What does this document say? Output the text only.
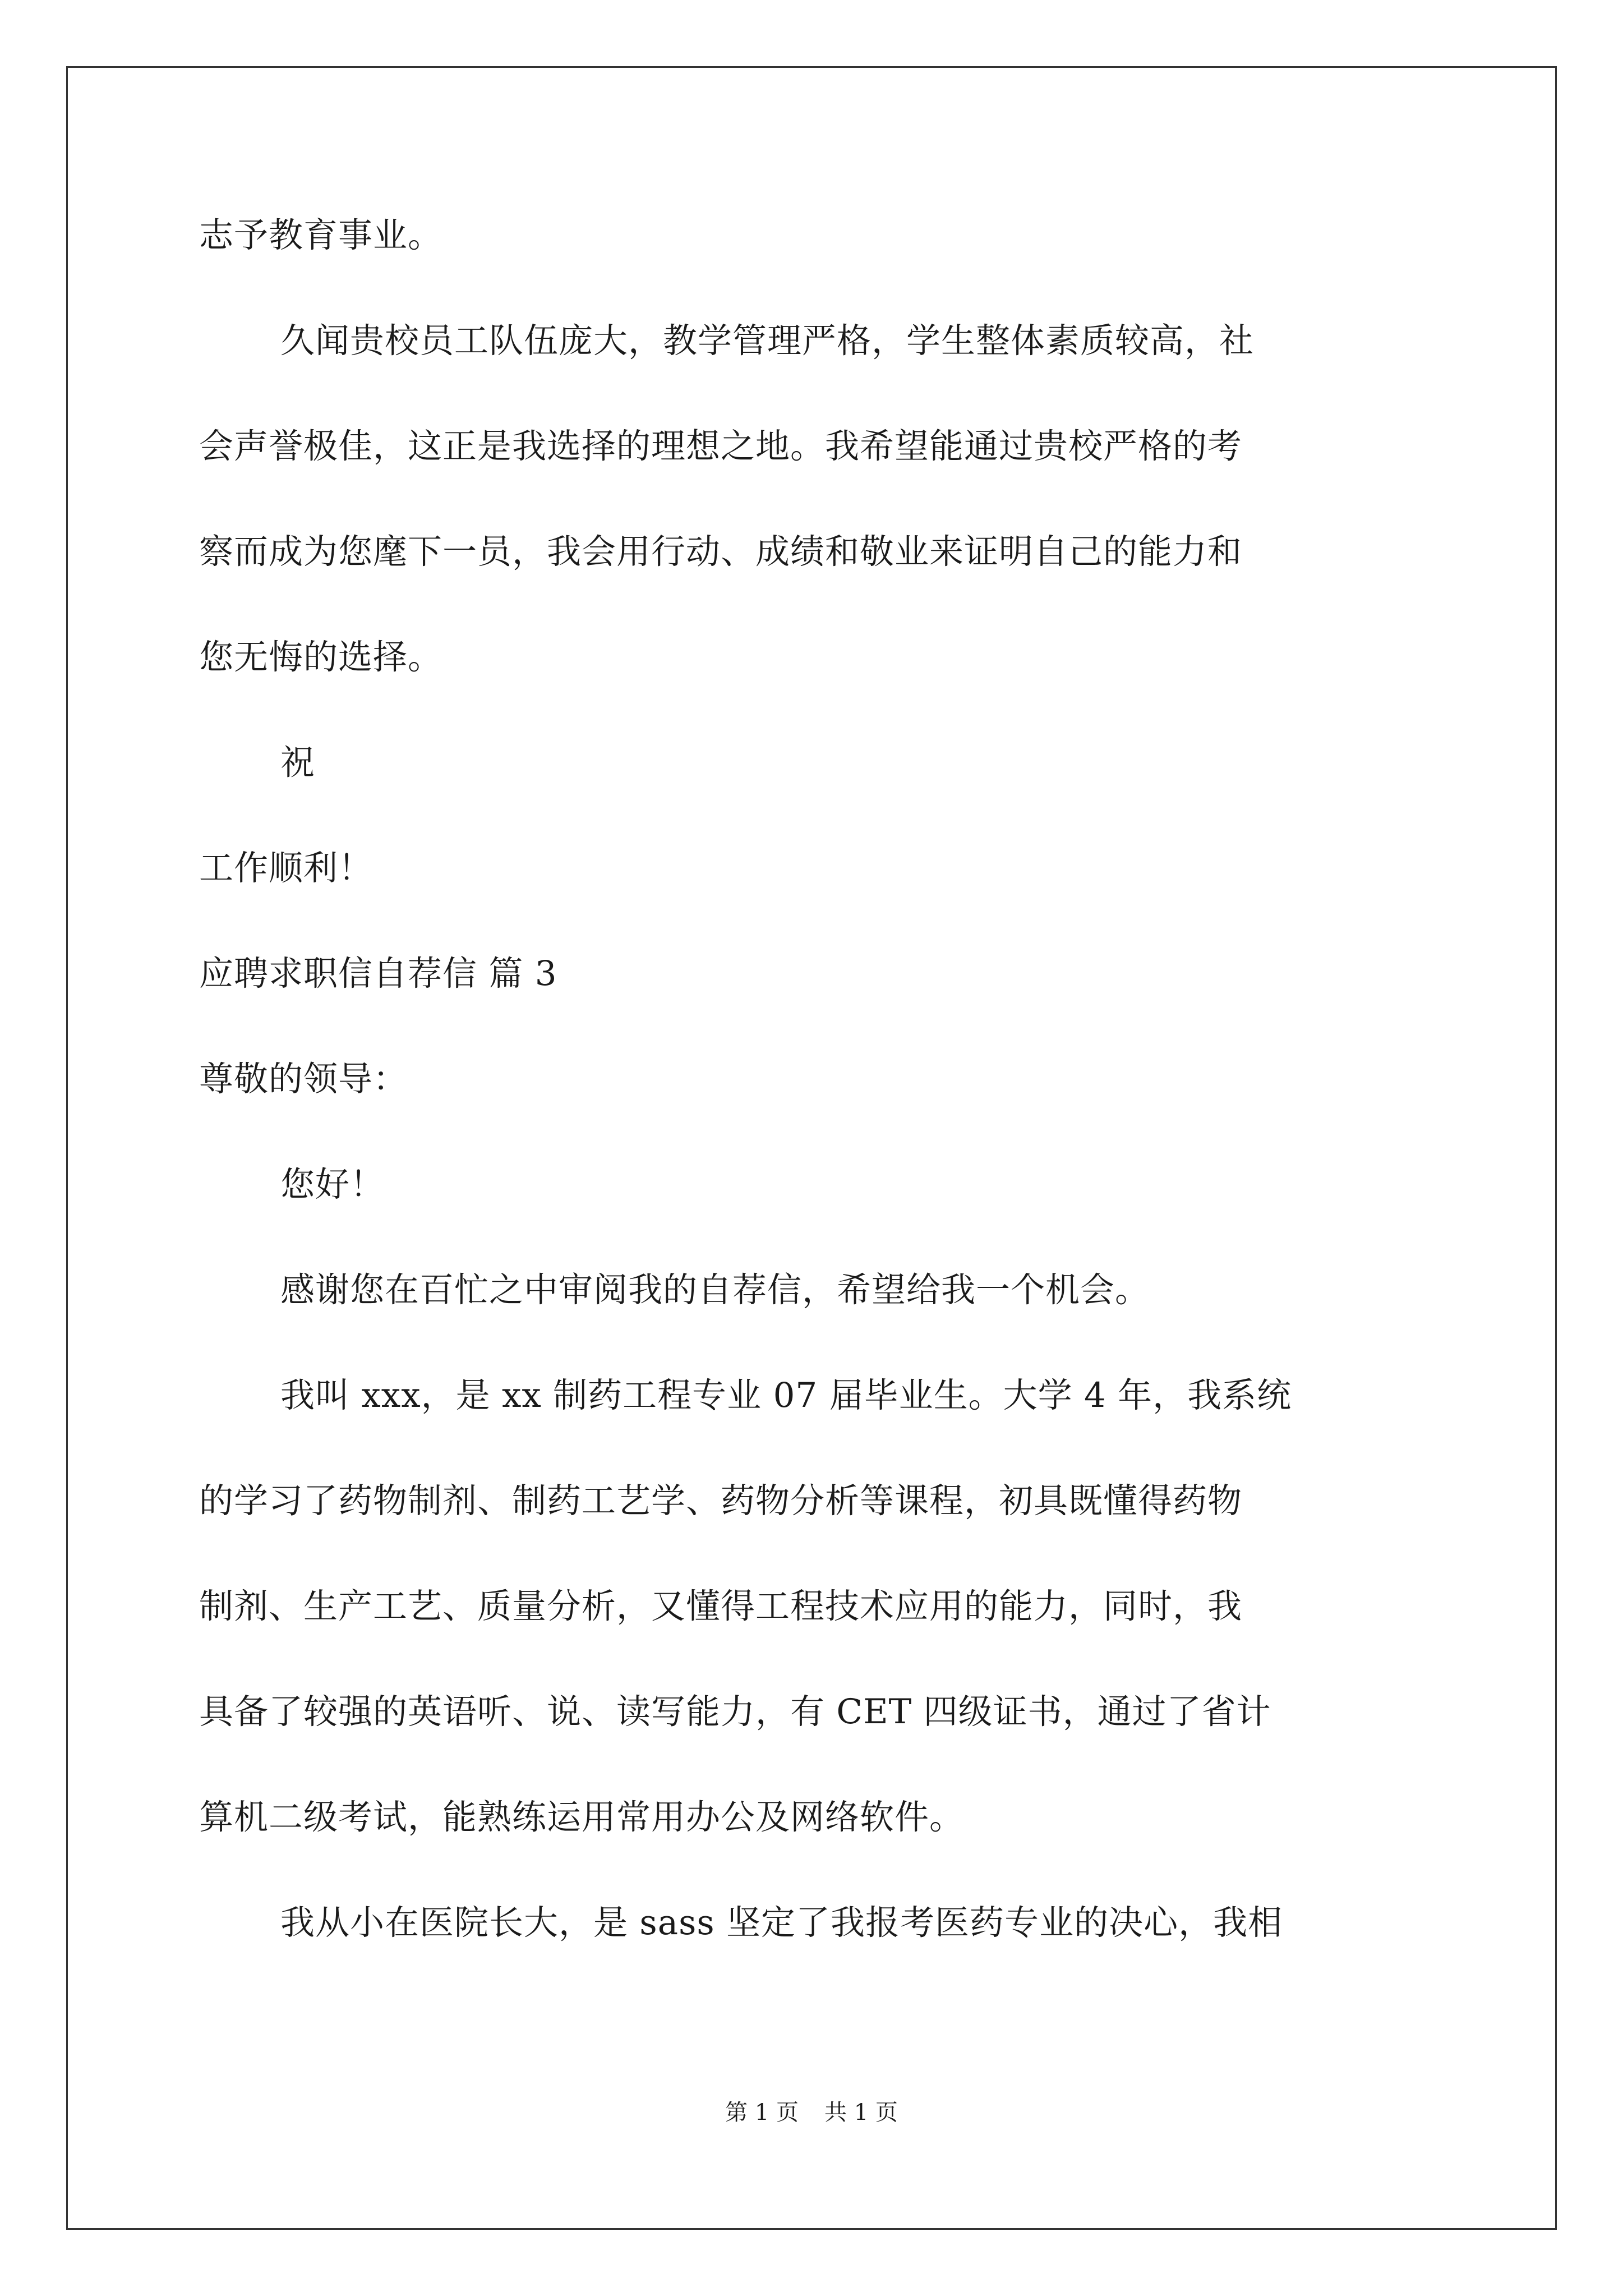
志予教育事业。
久闻贵校员工队伍庞大，教学管理严格，学生整体素质较高，社
会声誉极佳，这正是我选择的理想之地。我希望能通过贵校严格的考
察而成为您麾下一员，我会用行动、成绩和敬业来证明自己的能力和
您无悔的选择。
祝
工作顺利！
应聘求职信自荐信 篇 3
尊敬的领导：
您好！
感谢您在百忙之中审阅我的自荐信，希望给我一个机会。
我叫 xxx，是 xx 制药工程专业 07 届毕业生。大学 4 年，我系统
的学习了药物制剂、制药工艺学、药物分析等课程，初具既懂得药物
制剂、生产工艺、质量分析，又懂得工程技术应用的能力，同时，我
具备了较强的英语听、说、读写能力，有 CET 四级证书，通过了省计
算机二级考试，能熟练运用常用办公及网络软件。
我从小在医院长大，是 sass 坚定了我报考医药专业的决心，我相
第 1 页 共 1 页
